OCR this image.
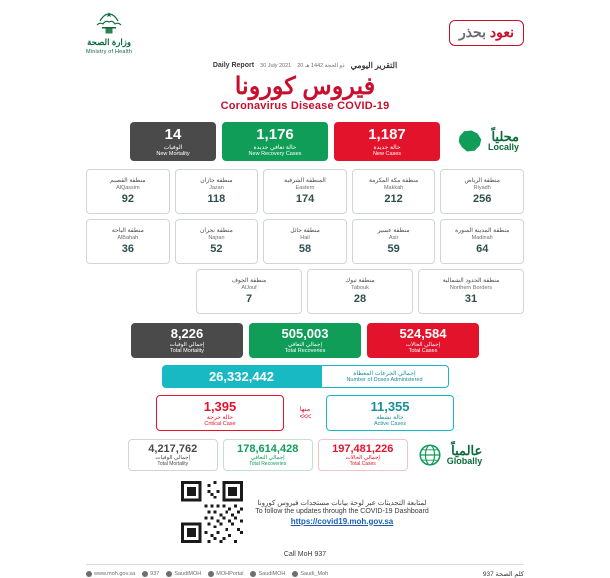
وزارة الصحة
Ministry of Health
نعود بحذر
Daily Report 30 July 2021 20 ذو الحجة 1442 هـ التقرير اليومي
فيروس كورونا
Coronavirus Disease COVID-19
14
الوفيات
New Mortality
1,176
حالة تعافي جديدة
New Recovery Cases
1,187
حالة جديدة
New Cases
محلياً
Locally
منطقة القصيم
AlQassim
92
منطقة جازان
Jazan
118
المنطقة الشرقية
Eastern
174
منطقة مكة المكرمة
Makkah
212
منطقة الرياض
Riyadh
256
منطقة الباحة
AlBahah
36
منطقة نجران
Najran
52
منطقة حائل
Hail
58
منطقة عسير
Asir
59
منطقة المدينة المنورة
Madinah
64
منطقة الجوف
AlJouf
7
منطقة تبوك
Tabouk
28
منطقة الحدود الشمالية
Northern Borders
31
8,226
إجمالي الوفيات
Total Mortality
505,003
إجمالي التعافي
Total Recoveries
524,584
إجمالي الحالات
Total Cases
26,332,442	إجمالي الجرعات المعطاة
Number of Doses Administered
1,395
حالة حرجة
Critical Case
منها
<<<
11,355
حالة نشطة
Active Cases
4,217,762
إجمالي الوفيات
Total Mortality
178,614,428
إجمالي التعافي
Total Recoveries
197,481,226
إجمالي الحالات
Total Cases
عالمياً
Globally
لمتابعة التحديثات عبر لوحة بيانات مستجدات فيروس كورونا
To follow the updates through the COVID-19 Dashboard
https://covid19.moh.gov.sa
Call MoH 937
www.moh.gov.sa	937	SaudiMOH	MOHPortal	SaudiMOH	Saudi_Moh	كلم الصحة 937
